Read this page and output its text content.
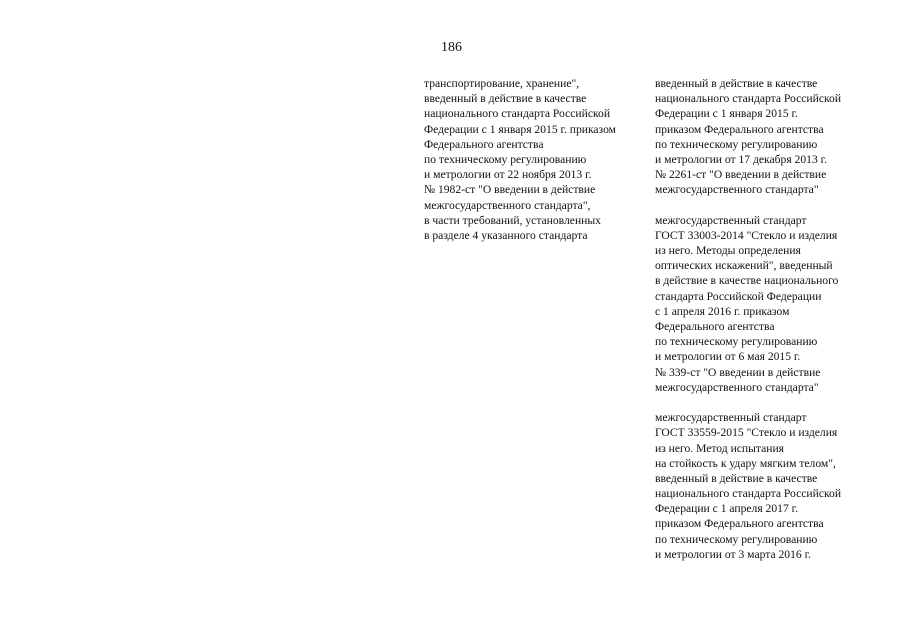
186
транспортирование, хранение",
введенный в действие в качестве
национального стандарта Российской
Федерации с 1 января 2015 г. приказом
Федерального агентства
по техническому регулированию
и метрологии от 22 ноября 2013 г.
№ 1982-ст "О введении в действие
межгосударственного стандарта",
в части требований, установленных
в разделе 4 указанного стандарта
введенный в действие в качестве
национального стандарта Российской
Федерации с 1 января 2015 г.
приказом Федерального агентства
по техническому регулированию
и метрологии от 17 декабря 2013 г.
№ 2261-ст "О введении в действие
межгосударственного стандарта"
межгосударственный стандарт
ГОСТ 33003-2014 "Стекло и изделия
из него. Методы определения
оптических искажений", введенный
в действие в качестве национального
стандарта Российской Федерации
с 1 апреля 2016 г. приказом
Федерального агентства
по техническому регулированию
и метрологии от 6 мая 2015 г.
№ 339-ст "О введении в действие
межгосударственного стандарта"
межгосударственный стандарт
ГОСТ 33559-2015 "Стекло и изделия
из него. Метод испытания
на стойкость к удару мягким телом",
введенный в действие в качестве
национального стандарта Российской
Федерации с 1 апреля 2017 г.
приказом Федерального агентства
по техническому регулированию
и метрологии от 3 марта 2016 г.
